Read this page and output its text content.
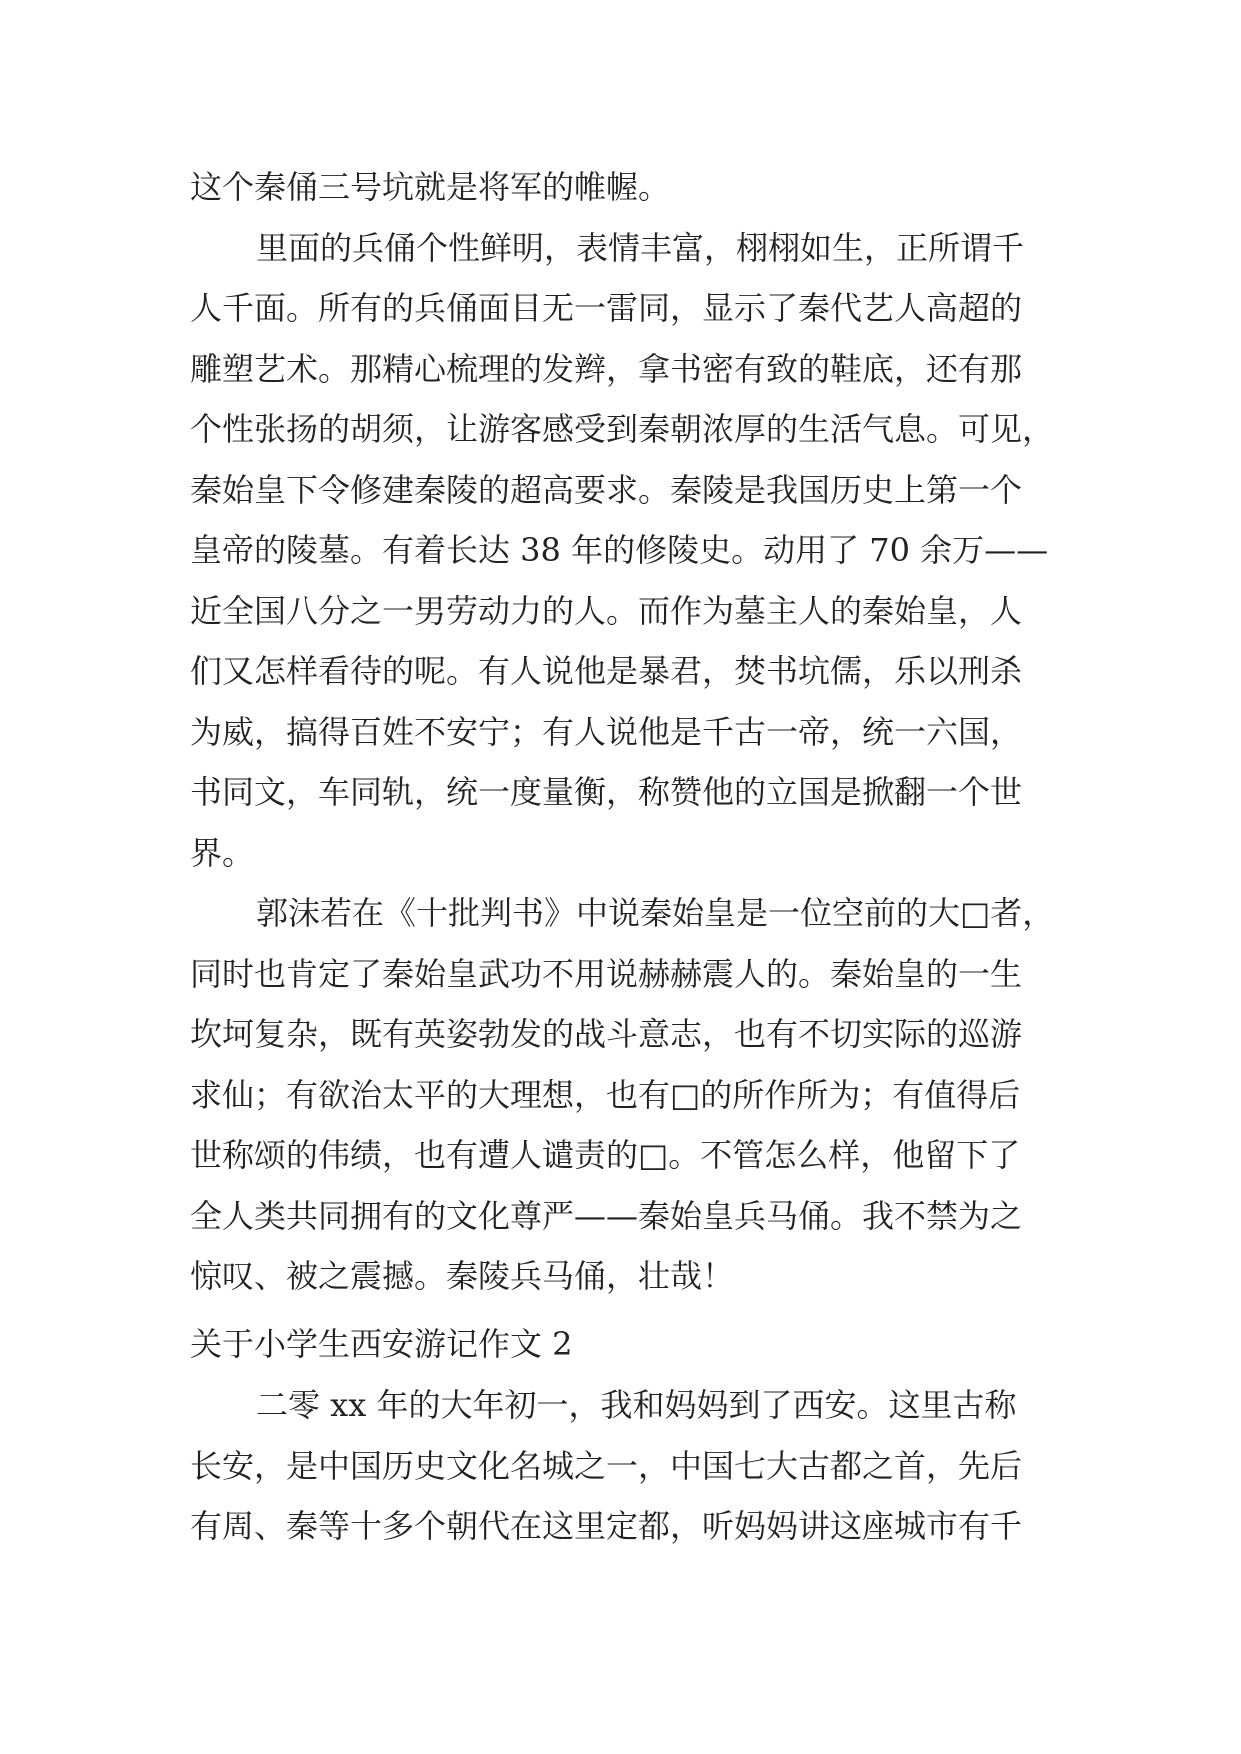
这个秦俑三号坑就是将军的帷幄。
里面的兵俑个性鲜明，表情丰富，栩栩如生，正所谓千
人千面。所有的兵俑面目无一雷同，显示了秦代艺人高超的
雕塑艺术。那精心梳理的发辫，拿书密有致的鞋底，还有那
个性张扬的胡须，让游客感受到秦朝浓厚的生活气息。可见，
秦始皇下令修建秦陵的超高要求。秦陵是我国历史上第一个
皇帝的陵墓。有着长达 38 年的修陵史。动用了 70 余万——
近全国八分之一男劳动力的人。而作为墓主人的秦始皇，人
们又怎样看待的呢。有人说他是暴君，焚书坑儒，乐以刑杀
为威，搞得百姓不安宁；有人说他是千古一帝，统一六国，
书同文，车同轨，统一度量衡，称赞他的立国是掀翻一个世
界。
郭沫若在《十批判书》中说秦始皇是一位空前的大□者，
同时也肯定了秦始皇武功不用说赫赫震人的。秦始皇的一生
坎坷复杂，既有英姿勃发的战斗意志，也有不切实际的巡游
求仙；有欲治太平的大理想，也有□的所作所为；有值得后
世称颂的伟绩，也有遭人谴责的□。不管怎么样，他留下了
全人类共同拥有的文化尊严——秦始皇兵马俑。我不禁为之
惊叹、被之震撼。秦陵兵马俑，壮哉！
关于小学生西安游记作文 2
二零 xx 年的大年初一，我和妈妈到了西安。这里古称
长安，是中国历史文化名城之一，中国七大古都之首，先后
有周、秦等十多个朝代在这里定都，听妈妈讲这座城市有千
